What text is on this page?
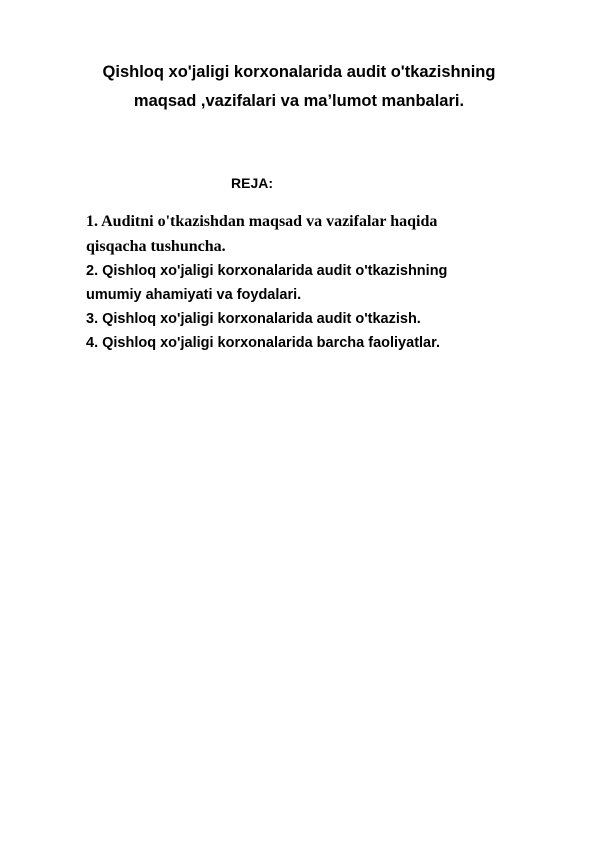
Qishloq xo'jaligi korxonalarida audit o'tkazishning
maqsad ,vazifalari va ma’lumot manbalari.
REJA:
1. Auditni o'tkazishdan maqsad va vazifalar haqida
qisqacha tushuncha.
2. Qishloq xo'jaligi korxonalarida audit o'tkazishning
umumiy ahamiyati va foydalari.
3. Qishloq xo'jaligi korxonalarida audit o'tkazish.
4. Qishloq xo'jaligi korxonalarida barcha faoliyatlar.
